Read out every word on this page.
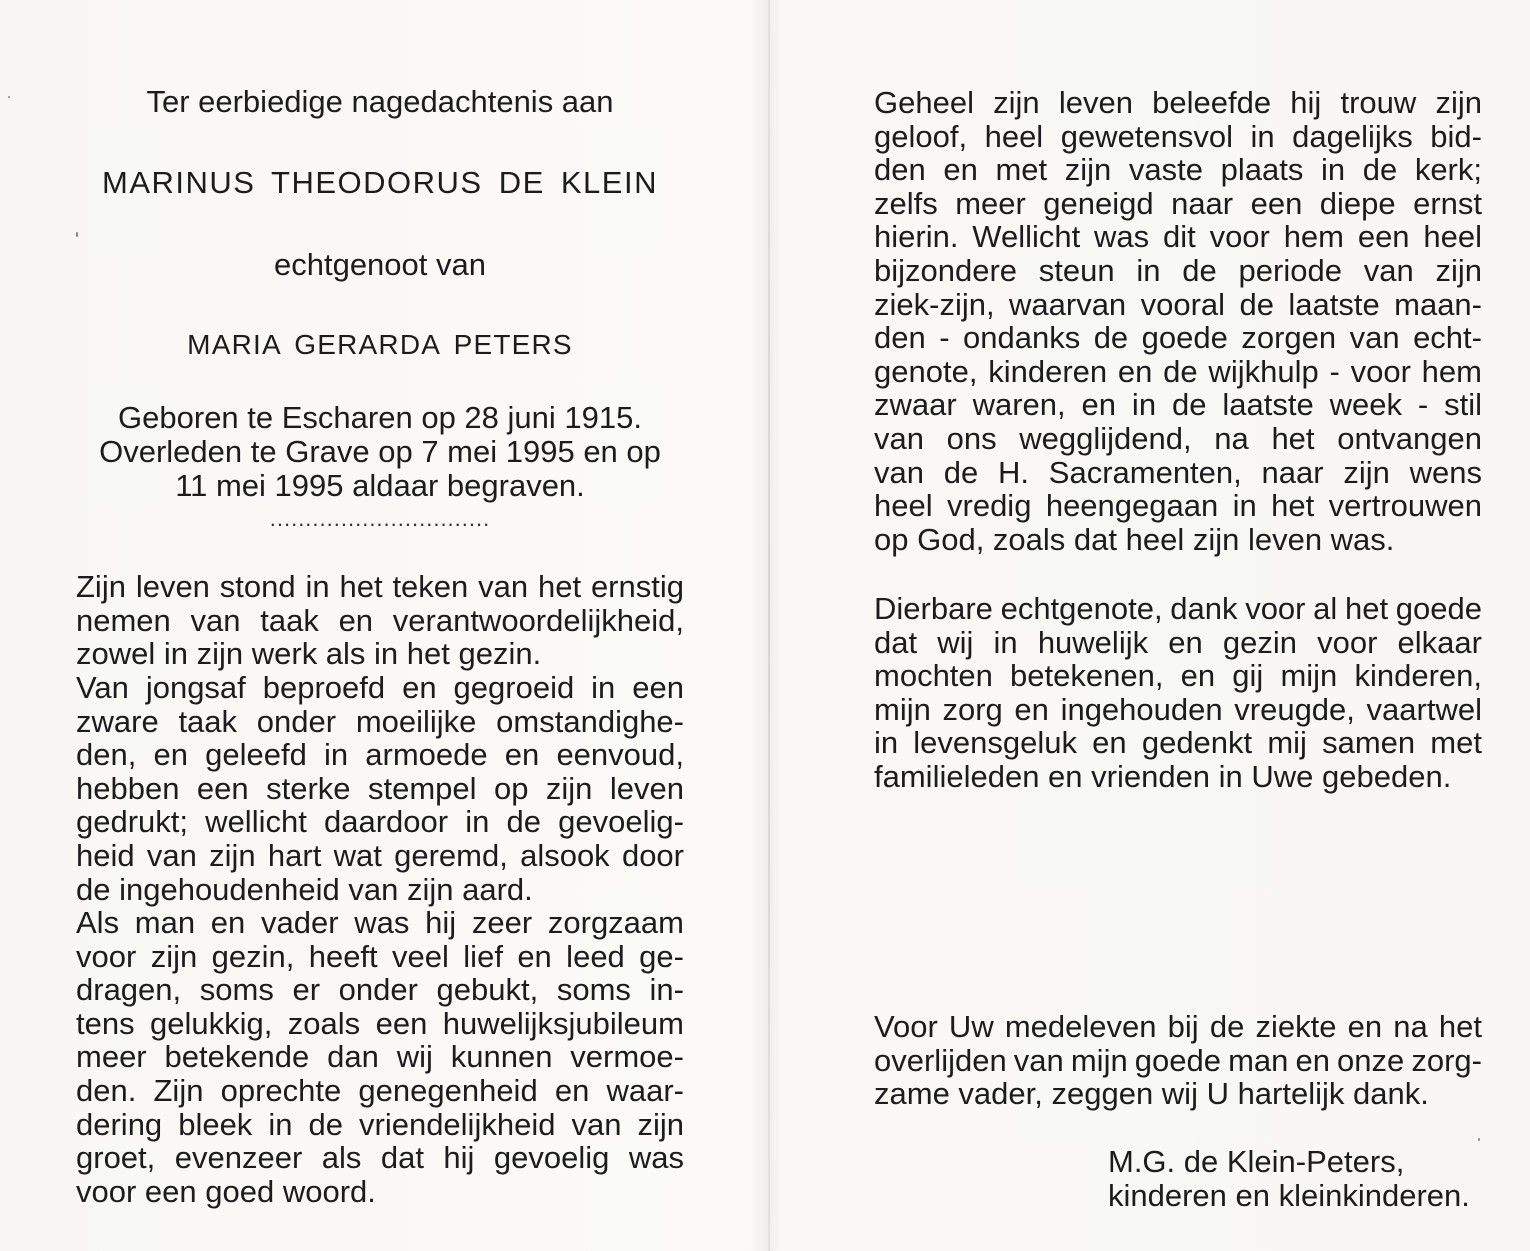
Ter eerbiedige nagedachtenis aan
MARINUS THEODORUS DE KLEIN
echtgenoot van
MARIA GERARDA PETERS
Geboren te Escharen op 28 juni 1915.
Overleden te Grave op 7 mei 1995 en op
11 mei 1995 aldaar begraven.
...............................
Zijn leven stond in het teken van het ernstig
nemen van taak en verantwoordelijkheid,
zowel in zijn werk als in het gezin.
Van jongsaf beproefd en gegroeid in een
zware taak onder moeilijke omstandighe-
den, en geleefd in armoede en eenvoud,
hebben een sterke stempel op zijn leven
gedrukt; wellicht daardoor in de gevoelig-
heid van zijn hart wat geremd, alsook door
de ingehoudenheid van zijn aard.
Als man en vader was hij zeer zorgzaam
voor zijn gezin, heeft veel lief en leed ge-
dragen, soms er onder gebukt, soms in-
tens gelukkig, zoals een huwelijksjubileum
meer betekende dan wij kunnen vermoe-
den. Zijn oprechte genegenheid en waar-
dering bleek in de vriendelijkheid van zijn
groet, evenzeer als dat hij gevoelig was
voor een goed woord.
Geheel zijn leven beleefde hij trouw zijn
geloof, heel gewetensvol in dagelijks bid-
den en met zijn vaste plaats in de kerk;
zelfs meer geneigd naar een diepe ernst
hierin. Wellicht was dit voor hem een heel
bijzondere steun in de periode van zijn
ziek-zijn, waarvan vooral de laatste maan-
den - ondanks de goede zorgen van echt-
genote, kinderen en de wijkhulp - voor hem
zwaar waren, en in de laatste week - stil
van ons wegglijdend, na het ontvangen
van de H. Sacramenten, naar zijn wens
heel vredig heengegaan in het vertrouwen
op God, zoals dat heel zijn leven was.
Dierbare echtgenote, dank voor al het goede
dat wij in huwelijk en gezin voor elkaar
mochten betekenen, en gij mijn kinderen,
mijn zorg en ingehouden vreugde, vaartwel
in levensgeluk en gedenkt mij samen met
familieleden en vrienden in Uwe gebeden.
Voor Uw medeleven bij de ziekte en na het
overlijden van mijn goede man en onze zorg-
zame vader, zeggen wij U hartelijk dank.
M.G. de Klein-Peters,
kinderen en kleinkinderen.
